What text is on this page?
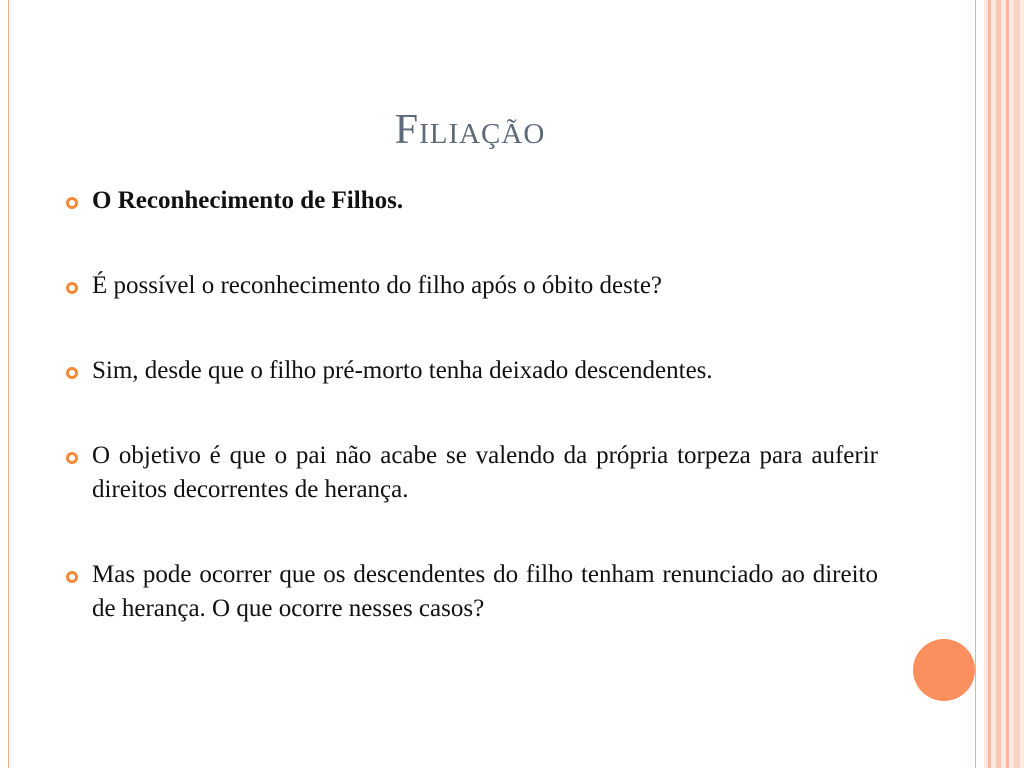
Filiação
O Reconhecimento de Filhos.
É possível o reconhecimento do filho após o óbito deste?
Sim, desde que o filho pré-morto tenha deixado descendentes.
O objetivo é que o pai não acabe se valendo da própria torpeza para auferir direitos decorrentes de herança.
Mas pode ocorrer que os descendentes do filho tenham renunciado ao direito de herança. O que ocorre nesses casos?
